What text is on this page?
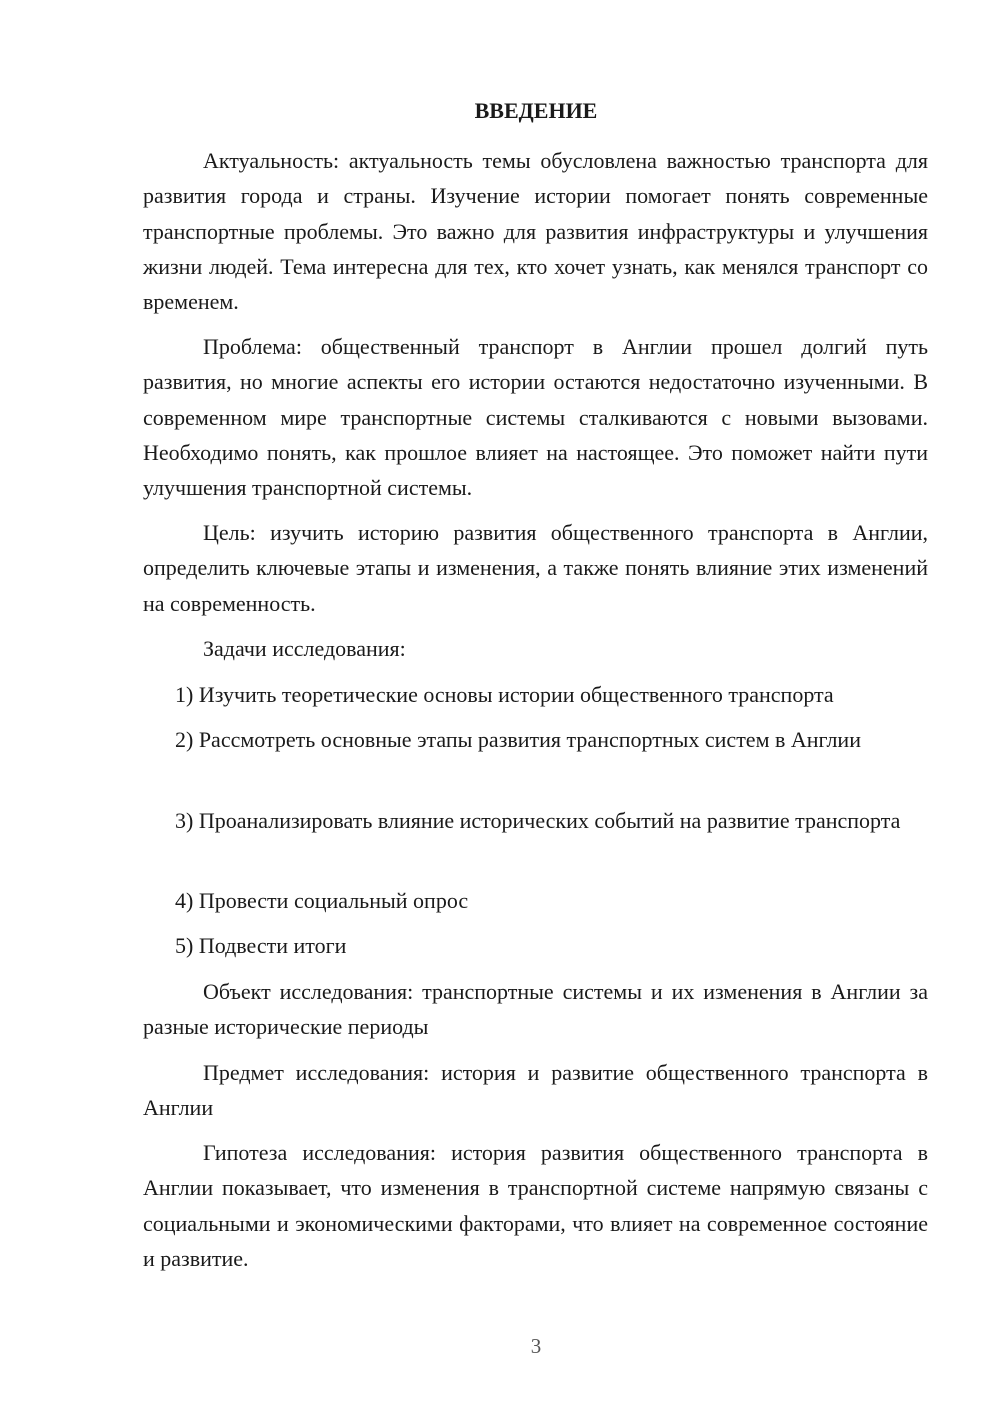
ВВЕДЕНИЕ

Актуальность: актуальность темы обусловлена важностью транспорта для развития города и страны. Изучение истории помогает понять современные транспортные проблемы. Это важно для развития инфраструктуры и улучшения жизни людей. Тема интересна для тех, кто хочет узнать, как менялся транспорт со временем.

Проблема: общественный транспорт в Англии прошел долгий путь развития, но многие аспекты его истории остаются недостаточно изученными. В современном мире транспортные системы сталкиваются с новыми вызовами. Необходимо понять, как прошлое влияет на настоящее. Это поможет найти пути улучшения транспортной системы.

Цель: изучить историю развития общественного транспорта в Англии, определить ключевые этапы и изменения, а также понять влияние этих изменений на современность.

Задачи исследования:

1) Изучить теоретические основы истории общественного транспорта

2) Рассмотреть основные этапы развития транспортных систем в Англии

3) Проанализировать влияние исторических событий на развитие транспорта

4) Провести социальный опрос

5) Подвести итоги

Объект исследования: транспортные системы и их изменения в Англии за разные исторические периоды

Предмет исследования: история и развитие общественного транспорта в Англии

Гипотеза исследования: история развития общественного транспорта в Англии показывает, что изменения в транспортной системе напрямую связаны с социальными и экономическими факторами, что влияет на современное состояние и развитие.

3
